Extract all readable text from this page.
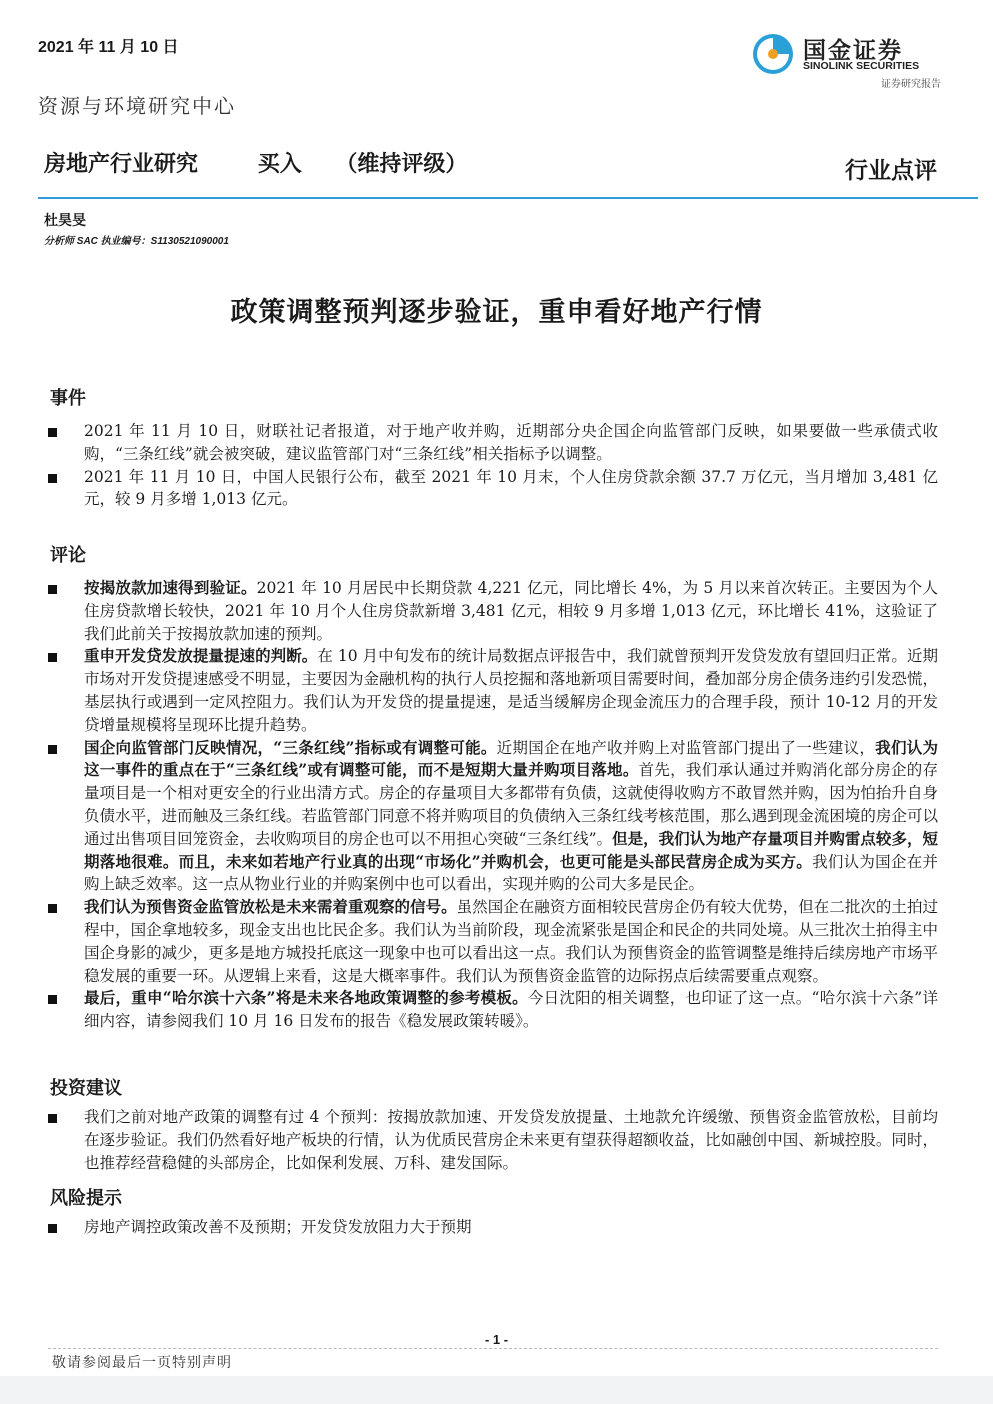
2021 年 11 月 10 日
资源与环境研究中心
国金证券
SINOLINK SECURITIES
证券研究报告
房地产行业研究	买入 （维持评级）	行业点评
杜昊旻
分析师 SAC 执业编号：S1130521090001
政策调整预判逐步验证，重申看好地产行情
事件
2021 年 11 月 10 日，财联社记者报道，对于地产收并购，近期部分央企国企向监管部门反映，如果要做一些承债式收购，“三条红线”就会被突破，建议监管部门对“三条红线”相关指标予以调整。
2021 年 11 月 10 日，中国人民银行公布，截至 2021 年 10 月末，个人住房贷款余额 37.7 万亿元，当月增加 3,481 亿元，较 9 月多增 1,013 亿元。
评论
按揭放款加速得到验证。2021 年 10 月居民中长期贷款 4,221 亿元，同比增长 4%，为 5 月以来首次转正。主要因为个人住房贷款增长较快，2021 年 10 月个人住房贷款新增 3,481 亿元，相较 9 月多增 1,013 亿元，环比增长 41%，这验证了我们此前关于按揭放款加速的预判。
重申开发贷发放提量提速的判断。在 10 月中旬发布的统计局数据点评报告中，我们就曾预判开发贷发放有望回归正常。近期市场对开发贷提速感受不明显，主要因为金融机构的执行人员挖掘和落地新项目需要时间，叠加部分房企债务违约引发恐慌，基层执行或遇到一定风控阻力。我们认为开发贷的提量提速，是适当缓解房企现金流压力的合理手段，预计 10-12 月的开发贷增量规模将呈现环比提升趋势。
国企向监管部门反映情况，“三条红线”指标或有调整可能。近期国企在地产收并购上对监管部门提出了一些建议，我们认为这一事件的重点在于“三条红线”或有调整可能，而不是短期大量并购项目落地。首先，我们承认通过并购消化部分房企的存量项目是一个相对更安全的行业出清方式。房企的存量项目大多都带有负债，这就使得收购方不敢冒然并购，因为怕抬升自身负债水平，进而触及三条红线。若监管部门同意不将并购项目的负债纳入三条红线考核范围，那么遇到现金流困境的房企可以通过出售项目回笼资金，去收购项目的房企也可以不用担心突破“三条红线”。但是，我们认为地产存量项目并购雷点较多，短期落地很难。而且，未来如若地产行业真的出现“市场化”并购机会，也更可能是头部民营房企成为买方。我们认为国企在并购上缺乏效率。这一点从物业行业的并购案例中也可以看出，实现并购的公司大多是民企。
我们认为预售资金监管放松是未来需着重观察的信号。虽然国企在融资方面相较民营房企仍有较大优势，但在二批次的土拍过程中，国企拿地较多，现金支出也比民企多。我们认为当前阶段，现金流紧张是国企和民企的共同处境。从三批次土拍得主中国企身影的减少，更多是地方城投托底这一现象中也可以看出这一点。我们认为预售资金的监管调整是维持后续房地产市场平稳发展的重要一环。从逻辑上来看，这是大概率事件。我们认为预售资金监管的边际拐点后续需要重点观察。
最后，重申“哈尔滨十六条”将是未来各地政策调整的参考模板。今日沈阳的相关调整，也印证了这一点。“哈尔滨十六条”详细内容，请参阅我们 10 月 16 日发布的报告《稳发展政策转暖》。
投资建议
我们之前对地产政策的调整有过 4 个预判：按揭放款加速、开发贷发放提量、土地款允许缓缴、预售资金监管放松，目前均在逐步验证。我们仍然看好地产板块的行情，认为优质民营房企未来更有望获得超额收益，比如融创中国、新城控股。同时，也推荐经营稳健的头部房企，比如保利发展、万科、建发国际。
风险提示
房地产调控政策改善不及预期；开发贷发放阻力大于预期
- 1 -
敬请参阅最后一页特别声明
